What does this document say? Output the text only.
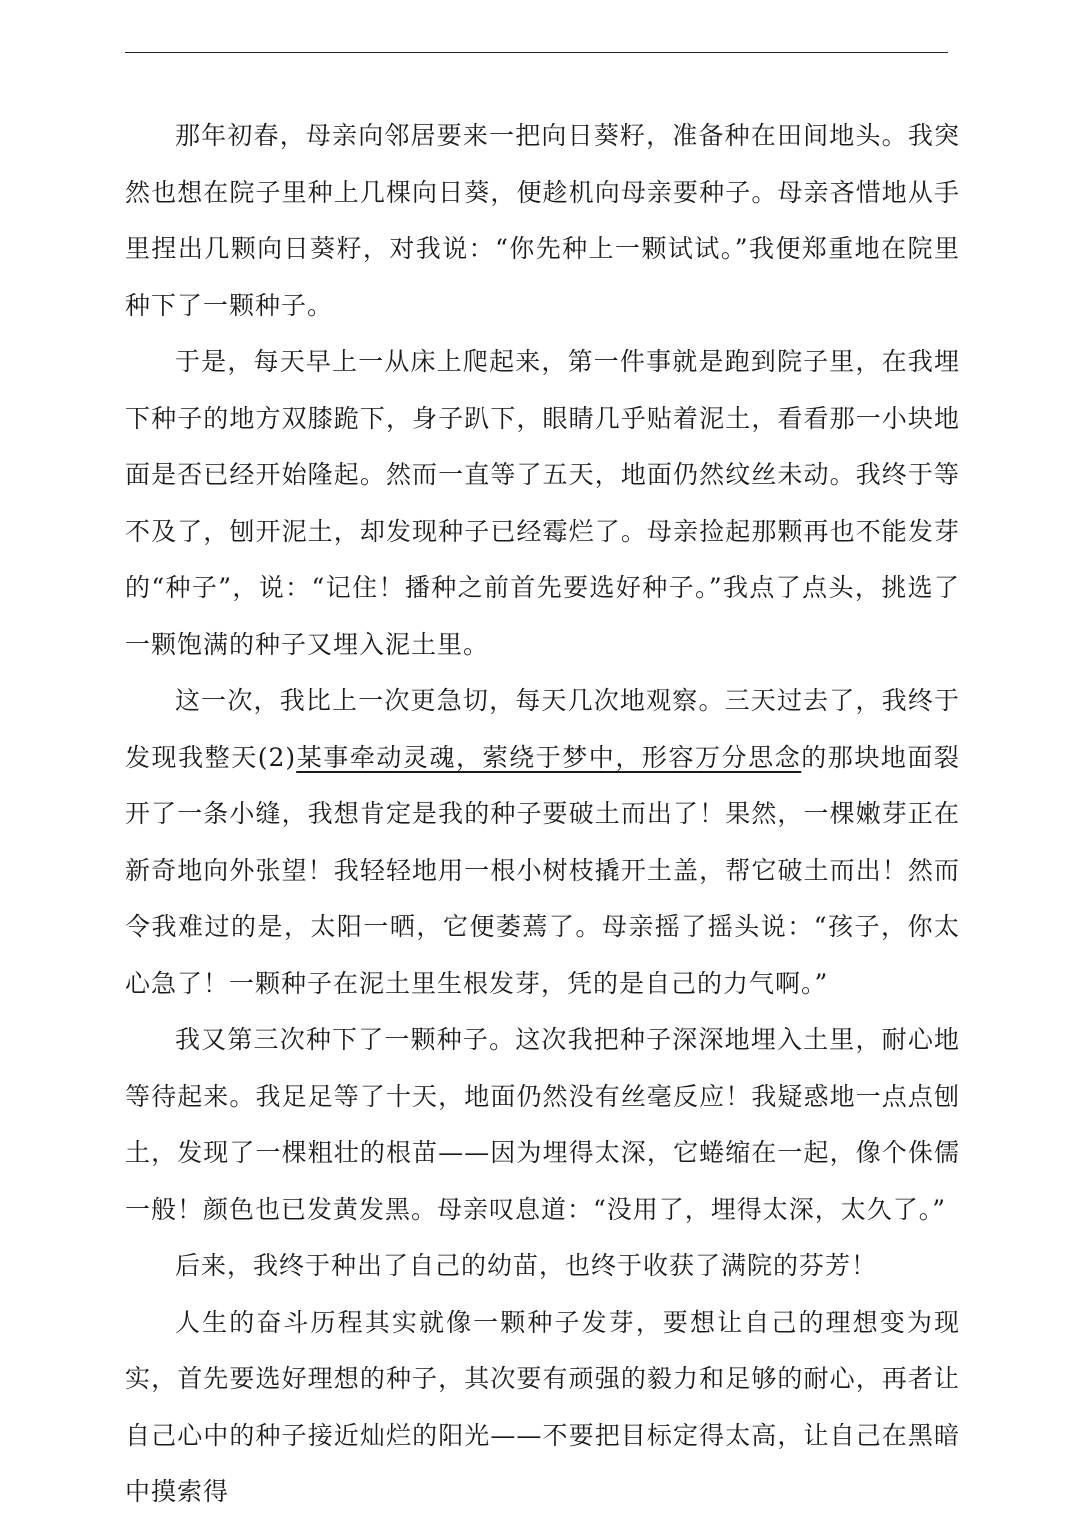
那年初春，母亲向邻居要来一把向日葵籽，准备种在田间地头。我突然也想在院子里种上几棵向日葵，便趁机向母亲要种子。母亲吝惜地从手里捏出几颗向日葵籽，对我说：“你先种上一颗试试。”我便郑重地在院里种下了一颗种子。

于是，每天早上一从床上爬起来，第一件事就是跑到院子里，在我埋下种子的地方双膝跪下，身子趴下，眼睛几乎贴着泥土，看看那一小块地面是否已经开始隆起。然而一直等了五天，地面仍然纹丝未动。我终于等不及了，刨开泥土，却发现种子已经霉烂了。母亲捡起那颗再也不能发芽的“种子”，说：“记住！播种之前首先要选好种子。”我点了点头，挑选了一颗饱满的种子又埋入泥土里。

这一次，我比上一次更急切，每天几次地观察。三天过去了，我终于发现我整天(2)某事牵动灵魂，萦绕于梦中，形容万分思念的那块地面裂开了一条小缝，我想肯定是我的种子要破土而出了！果然，一棵嫩芽正在新奇地向外张望！我轻轻地用一根小树枝撬开土盖，帮它破土而出！然而令我难过的是，太阳一晒，它便萎蔫了。母亲摇了摇头说：“孩子，你太心急了！一颗种子在泥土里生根发芽，凭的是自己的力气啊。”

我又第三次种下了一颗种子。这次我把种子深深地埋入土里，耐心地等待起来。我足足等了十天，地面仍然没有丝毫反应！我疑惑地一点点刨土，发现了一棵粗壮的根苗——因为埋得太深，它蜷缩在一起，像个侏儒一般！颜色也已发黄发黑。母亲叹息道：“没用了，埋得太深，太久了。”

后来，我终于种出了自己的幼苗，也终于收获了满院的芬芳！

人生的奋斗历程其实就像一颗种子发芽，要想让自己的理想变为现实，首先要选好理想的种子，其次要有顽强的毅力和足够的耐心，再者让自己心中的种子接近灿烂的阳光——不要把目标定得太高，让自己在黑暗中摸索得
